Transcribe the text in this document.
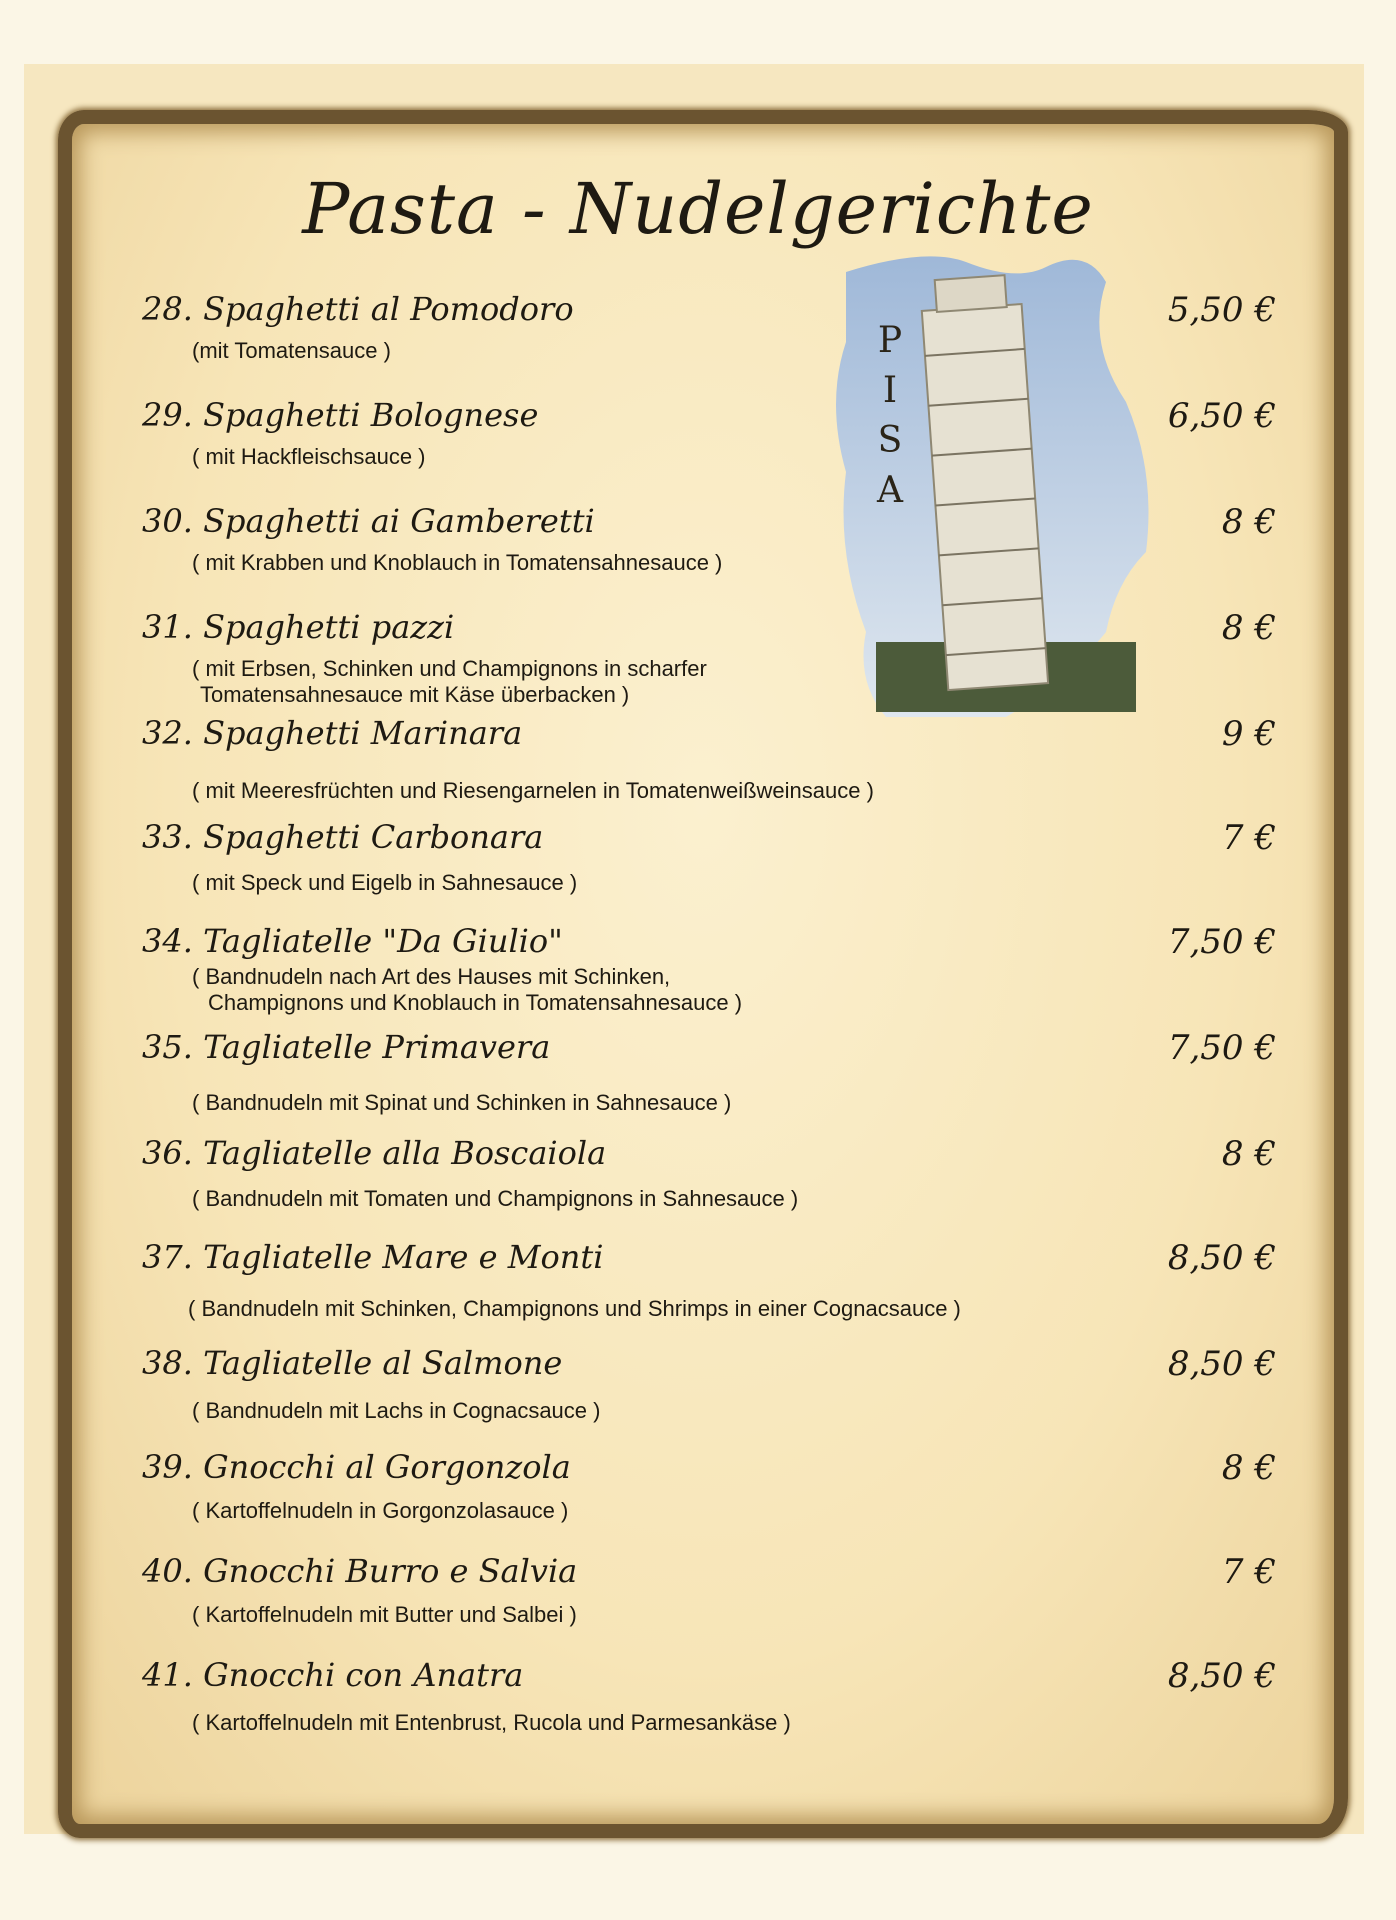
Pasta - Nudelgerichte
P
I
S
A
28. Spaghetti al Pomodoro	5,50 €
(mit Tomatensauce )
29. Spaghetti Bolognese	6,50 €
( mit Hackfleischsauce )
30. Spaghetti ai Gamberetti	8 €
( mit Krabben und Knoblauch in Tomatensahnesauce )
31. Spaghetti pazzi	8 €
( mit Erbsen, Schinken und Champignons in scharfer
Tomatensahnesauce mit Käse überbacken )
32. Spaghetti Marinara	9 €
( mit Meeresfrüchten und Riesengarnelen in Tomatenweißweinsauce )
33. Spaghetti Carbonara	7 €
( mit Speck und Eigelb in Sahnesauce )
34. Tagliatelle "Da Giulio"	7,50 €
( Bandnudeln nach Art des Hauses mit Schinken,
Champignons und Knoblauch in Tomatensahnesauce )
35. Tagliatelle Primavera	7,50 €
( Bandnudeln mit Spinat und Schinken in Sahnesauce )
36. Tagliatelle alla Boscaiola	8 €
( Bandnudeln mit Tomaten und Champignons in Sahnesauce )
37. Tagliatelle Mare e Monti	8,50 €
( Bandnudeln mit Schinken, Champignons und Shrimps in einer Cognacsauce )
38. Tagliatelle al Salmone	8,50 €
( Bandnudeln mit Lachs in Cognacsauce )
39. Gnocchi al Gorgonzola	8 €
( Kartoffelnudeln in Gorgonzolasauce )
40. Gnocchi Burro e Salvia	7 €
( Kartoffelnudeln mit Butter und Salbei )
41. Gnocchi con Anatra	8,50 €
( Kartoffelnudeln mit Entenbrust, Rucola und Parmesankäse )
